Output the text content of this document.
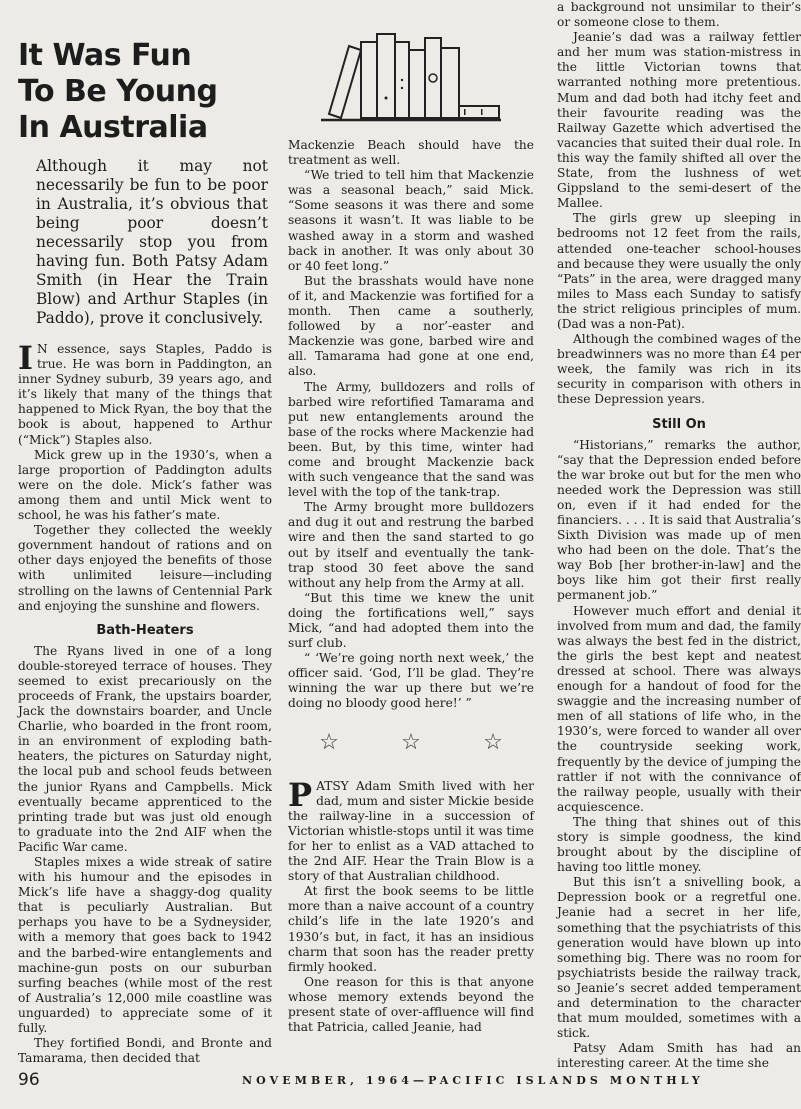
It Was Fun
To Be Young
In Australia
Although it may not necessarily be fun to be poor in Australia, it’s obvious that being poor doesn’t necessarily stop you from having fun. Both Patsy Adam Smith (in Hear the Train Blow) and Arthur Staples (in Paddo), prove it conclusively.

I N essence, says Staples, Paddo is true. He was born in Paddington, an inner Sydney suburb, 39 years ago, and it’s likely that many of the things that happened to Mick Ryan, the boy that the book is about, happened to Arthur (“Mick”) Staples also.

Mick grew up in the 1930’s, when a large proportion of Paddington adults were on the dole. Mick’s father was among them and until Mick went to school, he was his father’s mate.

Together they collected the weekly government handout of rations and on other days enjoyed the benefits of those with unlimited leisure—including strolling on the lawns of Centennial Park and enjoying the sunshine and flowers.

Bath-Heaters

The Ryans lived in one of a long double-storeyed terrace of houses. They seemed to exist precariously on the proceeds of Frank, the upstairs boarder, Jack the downstairs boarder, and Uncle Charlie, who boarded in the front room, in an environment of exploding bath-heaters, the pictures on Saturday night, the local pub and school feuds between the junior Ryans and Campbells. Mick eventually became apprenticed to the printing trade but was just old enough to graduate into the 2nd AIF when the Pacific War came.

Staples mixes a wide streak of satire with his humour and the episodes in Mick’s life have a shaggy-dog quality that is peculiarly Australian. But perhaps you have to be a Sydneysider, with a memory that goes back to 1942 and the barbed-wire entanglements and machine-gun posts on our suburban surfing beaches (while most of the rest of Australia’s 12,000 mile coastline was unguarded) to appreciate some of it fully.

They fortified Bondi, and Bronte and Tamarama, then decided that

Mackenzie Beach should have the treatment as well.

“We tried to tell him that Mackenzie was a seasonal beach,” said Mick. “Some seasons it was there and some seasons it wasn’t. It was liable to be washed away in a storm and washed back in another. It was only about 30 or 40 feet long.”

But the brasshats would have none of it, and Mackenzie was fortified for a month. Then came a southerly, followed by a nor’-easter and Mackenzie was gone, barbed wire and all. Tamarama had gone at one end, also.

The Army, bulldozers and rolls of barbed wire refortified Tamarama and put new entanglements around the base of the rocks where Mackenzie had been. But, by this time, winter had come and brought Mackenzie back with such vengeance that the sand was level with the top of the tank-trap.

The Army brought more bulldozers and dug it out and restrung the barbed wire and then the sand started to go out by itself and eventually the tank-trap stood 30 feet above the sand without any help from the Army at all.

“But this time we knew the unit doing the fortifications well,” says Mick, “and had adopted them into the surf club.

“ ‘We’re going north next week,’ the officer said. ‘God, I’ll be glad. They’re winning the war up there but we’re doing no bloody good here!’ ”

☆	☆	☆

PATSY Adam Smith lived with her dad, mum and sister Mickie beside the railway-line in a succession of Victorian whistle-stops until it was time for her to enlist as a VAD attached to the 2nd AIF. Hear the Train Blow is a story of that Australian childhood.

At first the book seems to be little more than a naive account of a country child’s life in the late 1920’s and 1930’s but, in fact, it has an insidious charm that soon has the reader pretty firmly hooked.

One reason for this is that anyone whose memory extends beyond the present state of over-affluence will find that Patricia, called Jeanie, had

a background not unsimilar to their’s or someone close to them.

Jeanie’s dad was a railway fettler and her mum was station-mistress in the little Victorian towns that warranted nothing more pretentious. Mum and dad both had itchy feet and their favourite reading was the Railway Gazette which advertised the vacancies that suited their dual role. In this way the family shifted all over the State, from the lushness of wet Gippsland to the semi-desert of the Mallee.

The girls grew up sleeping in bedrooms not 12 feet from the rails, attended one-teacher school-houses and because they were usually the only “Pats” in the area, were dragged many miles to Mass each Sunday to satisfy the strict religious principles of mum. (Dad was a non-Pat).

Although the combined wages of the breadwinners was no more than £4 per week, the family was rich in its security in comparison with others in these Depression years.

Still On

“Historians,” remarks the author, “say that the Depression ended before the war broke out but for the men who needed work the Depression was still on, even if it had ended for the financiers. . . . It is said that Australia’s Sixth Division was made up of men who had been on the dole. That’s the way Bob [her brother-in-law] and the boys like him got their first really permanent job.”

However much effort and denial it involved from mum and dad, the family was always the best fed in the district, the girls the best kept and neatest dressed at school. There was always enough for a handout of food for the swaggie and the increasing number of men of all stations of life who, in the 1930’s, were forced to wander all over the countryside seeking work, frequently by the device of jumping the rattler if not with the connivance of the railway people, usually with their acquiescence.

The thing that shines out of this story is simple goodness, the kind brought about by the discipline of having too little money.

But this isn’t a snivelling book, a Depression book or a regretful one. Jeanie had a secret in her life, something that the psychiatrists of this generation would have blown up into something big. There was no room for psychiatrists beside the railway track, so Jeanie’s secret added temperament and determination to the character that mum moulded, sometimes with a stick.

Patsy Adam Smith has had an interesting career. At the time she

96	NOVEMBER, 1964—PACIFIC ISLANDS MONTHLY
